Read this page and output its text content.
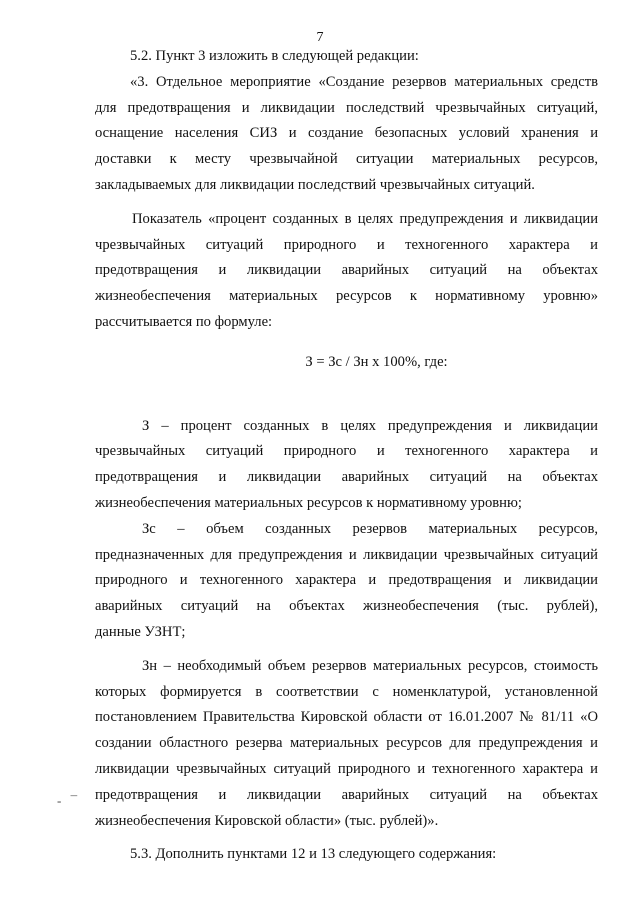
7
- ¯
5.2. Пункт 3 изложить в следующей редакции:
«3. Отдельное мероприятие «Создание резервов материальных средств
для предотвращения и ликвидации последствий чрезвычайных ситуаций,
оснащение населения СИЗ и создание безопасных условий хранения и
доставки к месту чрезвычайной ситуации материальных ресурсов,
закладываемых для ликвидации последствий чрезвычайных ситуаций.
Показатель «процент созданных в целях предупреждения и ликвидации
чрезвычайных ситуаций природного и техногенного характера и
предотвращения и ликвидации аварийных ситуаций на объектах
жизнеобеспечения материальных ресурсов к нормативному уровню»
рассчитывается по формуле:
З = Зс / Зн х 100%, где:
З – процент созданных в целях предупреждения и ликвидации
чрезвычайных ситуаций природного и техногенного характера и
предотвращения и ликвидации аварийных ситуаций на объектах
жизнеобеспечения материальных ресурсов к нормативному уровню;
Зс – объем созданных резервов материальных ресурсов,
предназначенных для предупреждения и ликвидации чрезвычайных ситуаций
природного и техногенного характера и предотвращения и ликвидации
аварийных ситуаций на объектах жизнеобеспечения (тыс. рублей),
данные УЗНТ;
Зн – необходимый объем резервов материальных ресурсов, стоимость
которых формируется в соответствии с номенклатурой, установленной
постановлением Правительства Кировской области от 16.01.2007 № 81/11 «О
создании областного резерва материальных ресурсов для предупреждения и
ликвидации чрезвычайных ситуаций природного и техногенного характера и
предотвращения и ликвидации аварийных ситуаций на объектах
жизнеобеспечения Кировской области» (тыс. рублей)».
5.3. Дополнить пунктами 12 и 13 следующего содержания:
